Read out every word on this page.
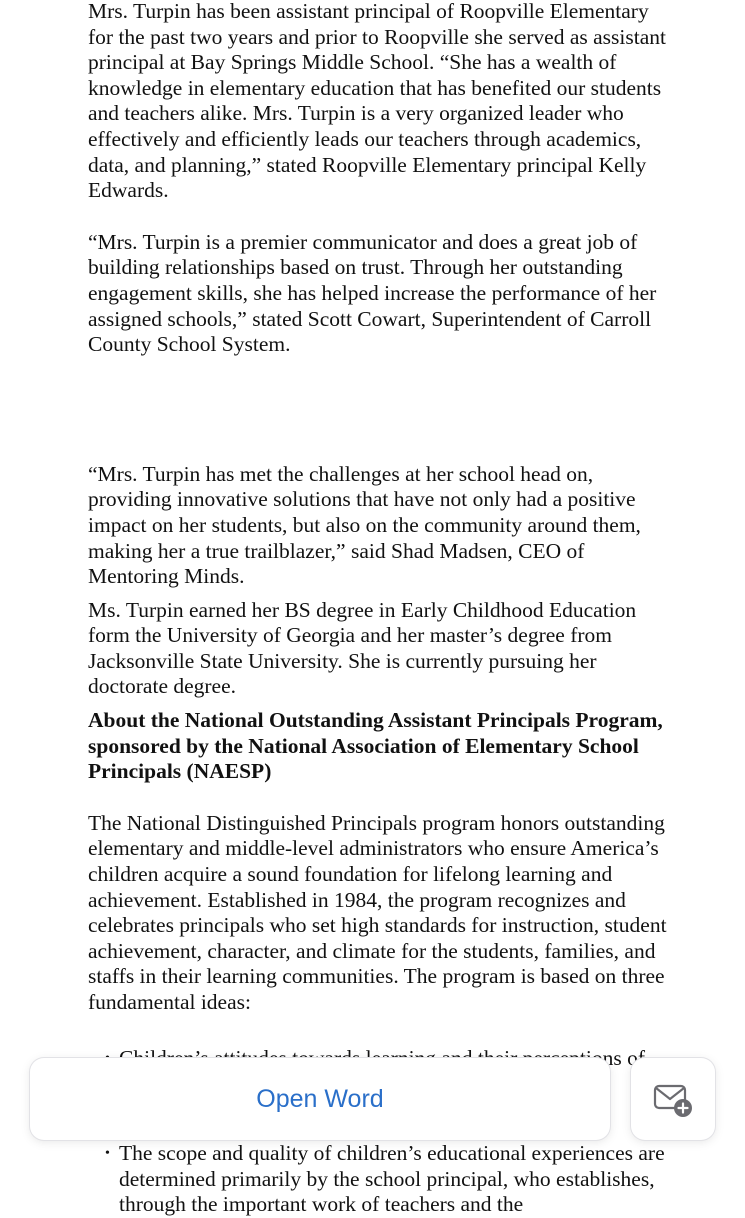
Mrs. Turpin has been assistant principal of Roopville Elementary for the past two years and prior to Roopville she served as assistant principal at Bay Springs Middle School. “She has a wealth of knowledge in elementary education that has benefited our students and teachers alike. Mrs. Turpin is a very organized leader who effectively and efficiently leads our teachers through academics, data, and planning,” stated Roopville Elementary principal Kelly Edwards.

“Mrs. Turpin is a premier communicator and does a great job of building relationships based on trust. Through her outstanding engagement skills, she has helped increase the performance of her assigned schools,” stated Scott Cowart, Superintendent of Carroll County School System.

“Mrs. Turpin has met the challenges at her school head on, providing innovative solutions that have not only had a positive impact on her students, but also on the community around them, making her a true trailblazer,” said Shad Madsen, CEO of Mentoring Minds.

Ms. Turpin earned her BS degree in Early Childhood Education form the University of Georgia and her master’s degree from Jacksonville State University. She is currently pursuing her doctorate degree.

About the National Outstanding Assistant Principals Program, sponsored by the National Association of Elementary School Principals (NAESP)

The National Distinguished Principals program honors outstanding elementary and middle-level administrators who ensure America’s children acquire a sound foundation for lifelong learning and achievement. Established in 1984, the program recognizes and celebrates principals who set high standards for instruction, student achievement, character, and climate for the students, families, and staffs in their learning communities. The program is based on three fundamental ideas:

of
• The scope and quality of children’s educational experiences are determined primarily by the school principal, who establishes, through the important work of teachers and the
Open Word
